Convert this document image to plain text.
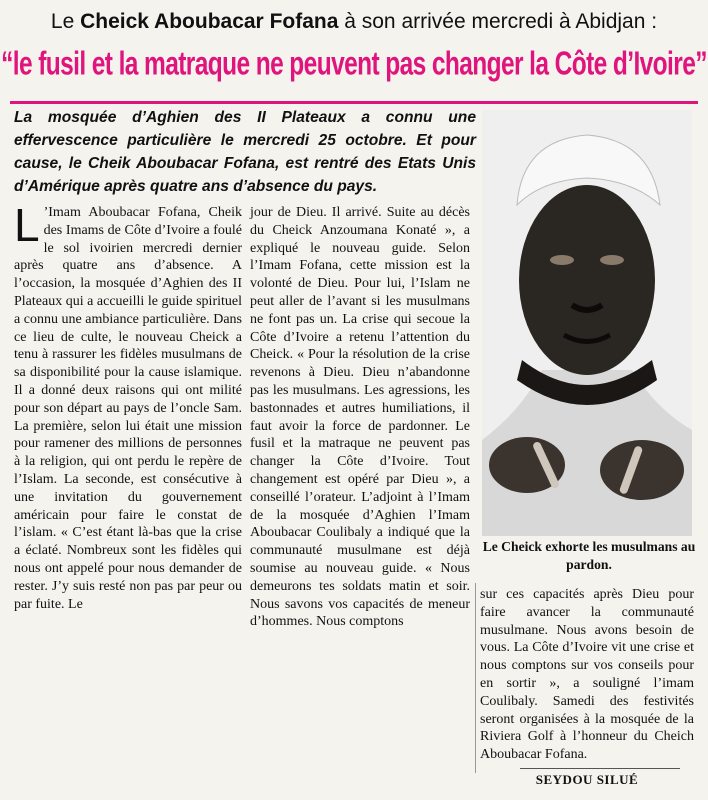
Le Cheick Aboubacar Fofana à son arrivée mercredi à Abidjan :
“le fusil et la matraque ne peuvent pas changer la Côte d’Ivoire”
La mosquée d’Aghien des II Plateaux a connu une effervescence particulière le mercredi 25 octobre. Et pour cause, le Cheik Aboubacar Fofana, est rentré des Etats Unis d’Amérique après quatre ans d’absence du pays.
Le Cheick exhorte les musulmans au pardon.
L ’Imam Aboubacar Fofana, Cheik des Imams de Côte d’Ivoire a foulé le sol ivoirien mercredi dernier après quatre ans d’absence. A l’occasion, la mosquée d’Aghien des II Plateaux qui a accueilli le guide spirituel a connu une ambiance particulière. Dans ce lieu de culte, le nouveau Cheick a tenu à rassurer les fidèles musulmans de sa disponibilité pour la cause islamique. Il a donné deux raisons qui ont milité pour son départ au pays de l’oncle Sam. La première, selon lui était une mission pour ramener des millions de personnes à la religion, qui ont perdu le repère de l’Islam. La seconde, est consécutive à une invitation du gouvernement américain pour faire le constat de l’islam. « C’est étant là-bas que la crise a éclaté. Nombreux sont les fidèles qui nous ont appelé pour nous demander de rester. J’y suis resté non pas par peur ou par fuite. Le
jour de Dieu. Il arrivé. Suite au décès du Cheick Anzoumana Konaté », a expliqué le nouveau guide. Selon l’Imam Fofana, cette mission est la volonté de Dieu. Pour lui, l’Islam ne peut aller de l’avant si les musulmans ne font pas un. La crise qui secoue la Côte d’Ivoire a retenu l’attention du Cheick. « Pour la résolution de la crise revenons à Dieu. Dieu n’abandonne pas les musulmans. Les agressions, les bastonnades et autres humiliations, il faut avoir la force de pardonner. Le fusil et la matraque ne peuvent pas changer la Côte d’Ivoire. Tout changement est opéré par Dieu », a conseillé l’orateur. L’adjoint à l’Imam de la mosquée d’Aghien l’Imam Aboubacar Coulibaly a indiqué que la communauté musulmane est déjà soumise au nouveau guide. « Nous demeurons tes soldats matin et soir. Nous savons vos capacités de meneur d’hommes. Nous comptons
sur ces capacités après Dieu pour faire avancer la communauté musulmane. Nous avons besoin de vous. La Côte d’Ivoire vit une crise et nous comptons sur vos conseils pour en sortir », a souligné l’imam Coulibaly. Samedi des festivités seront organisées à la mosquée de la Riviera Golf à l’honneur du Cheich Aboubacar Fofana.
SEYDOU SILUÉ
